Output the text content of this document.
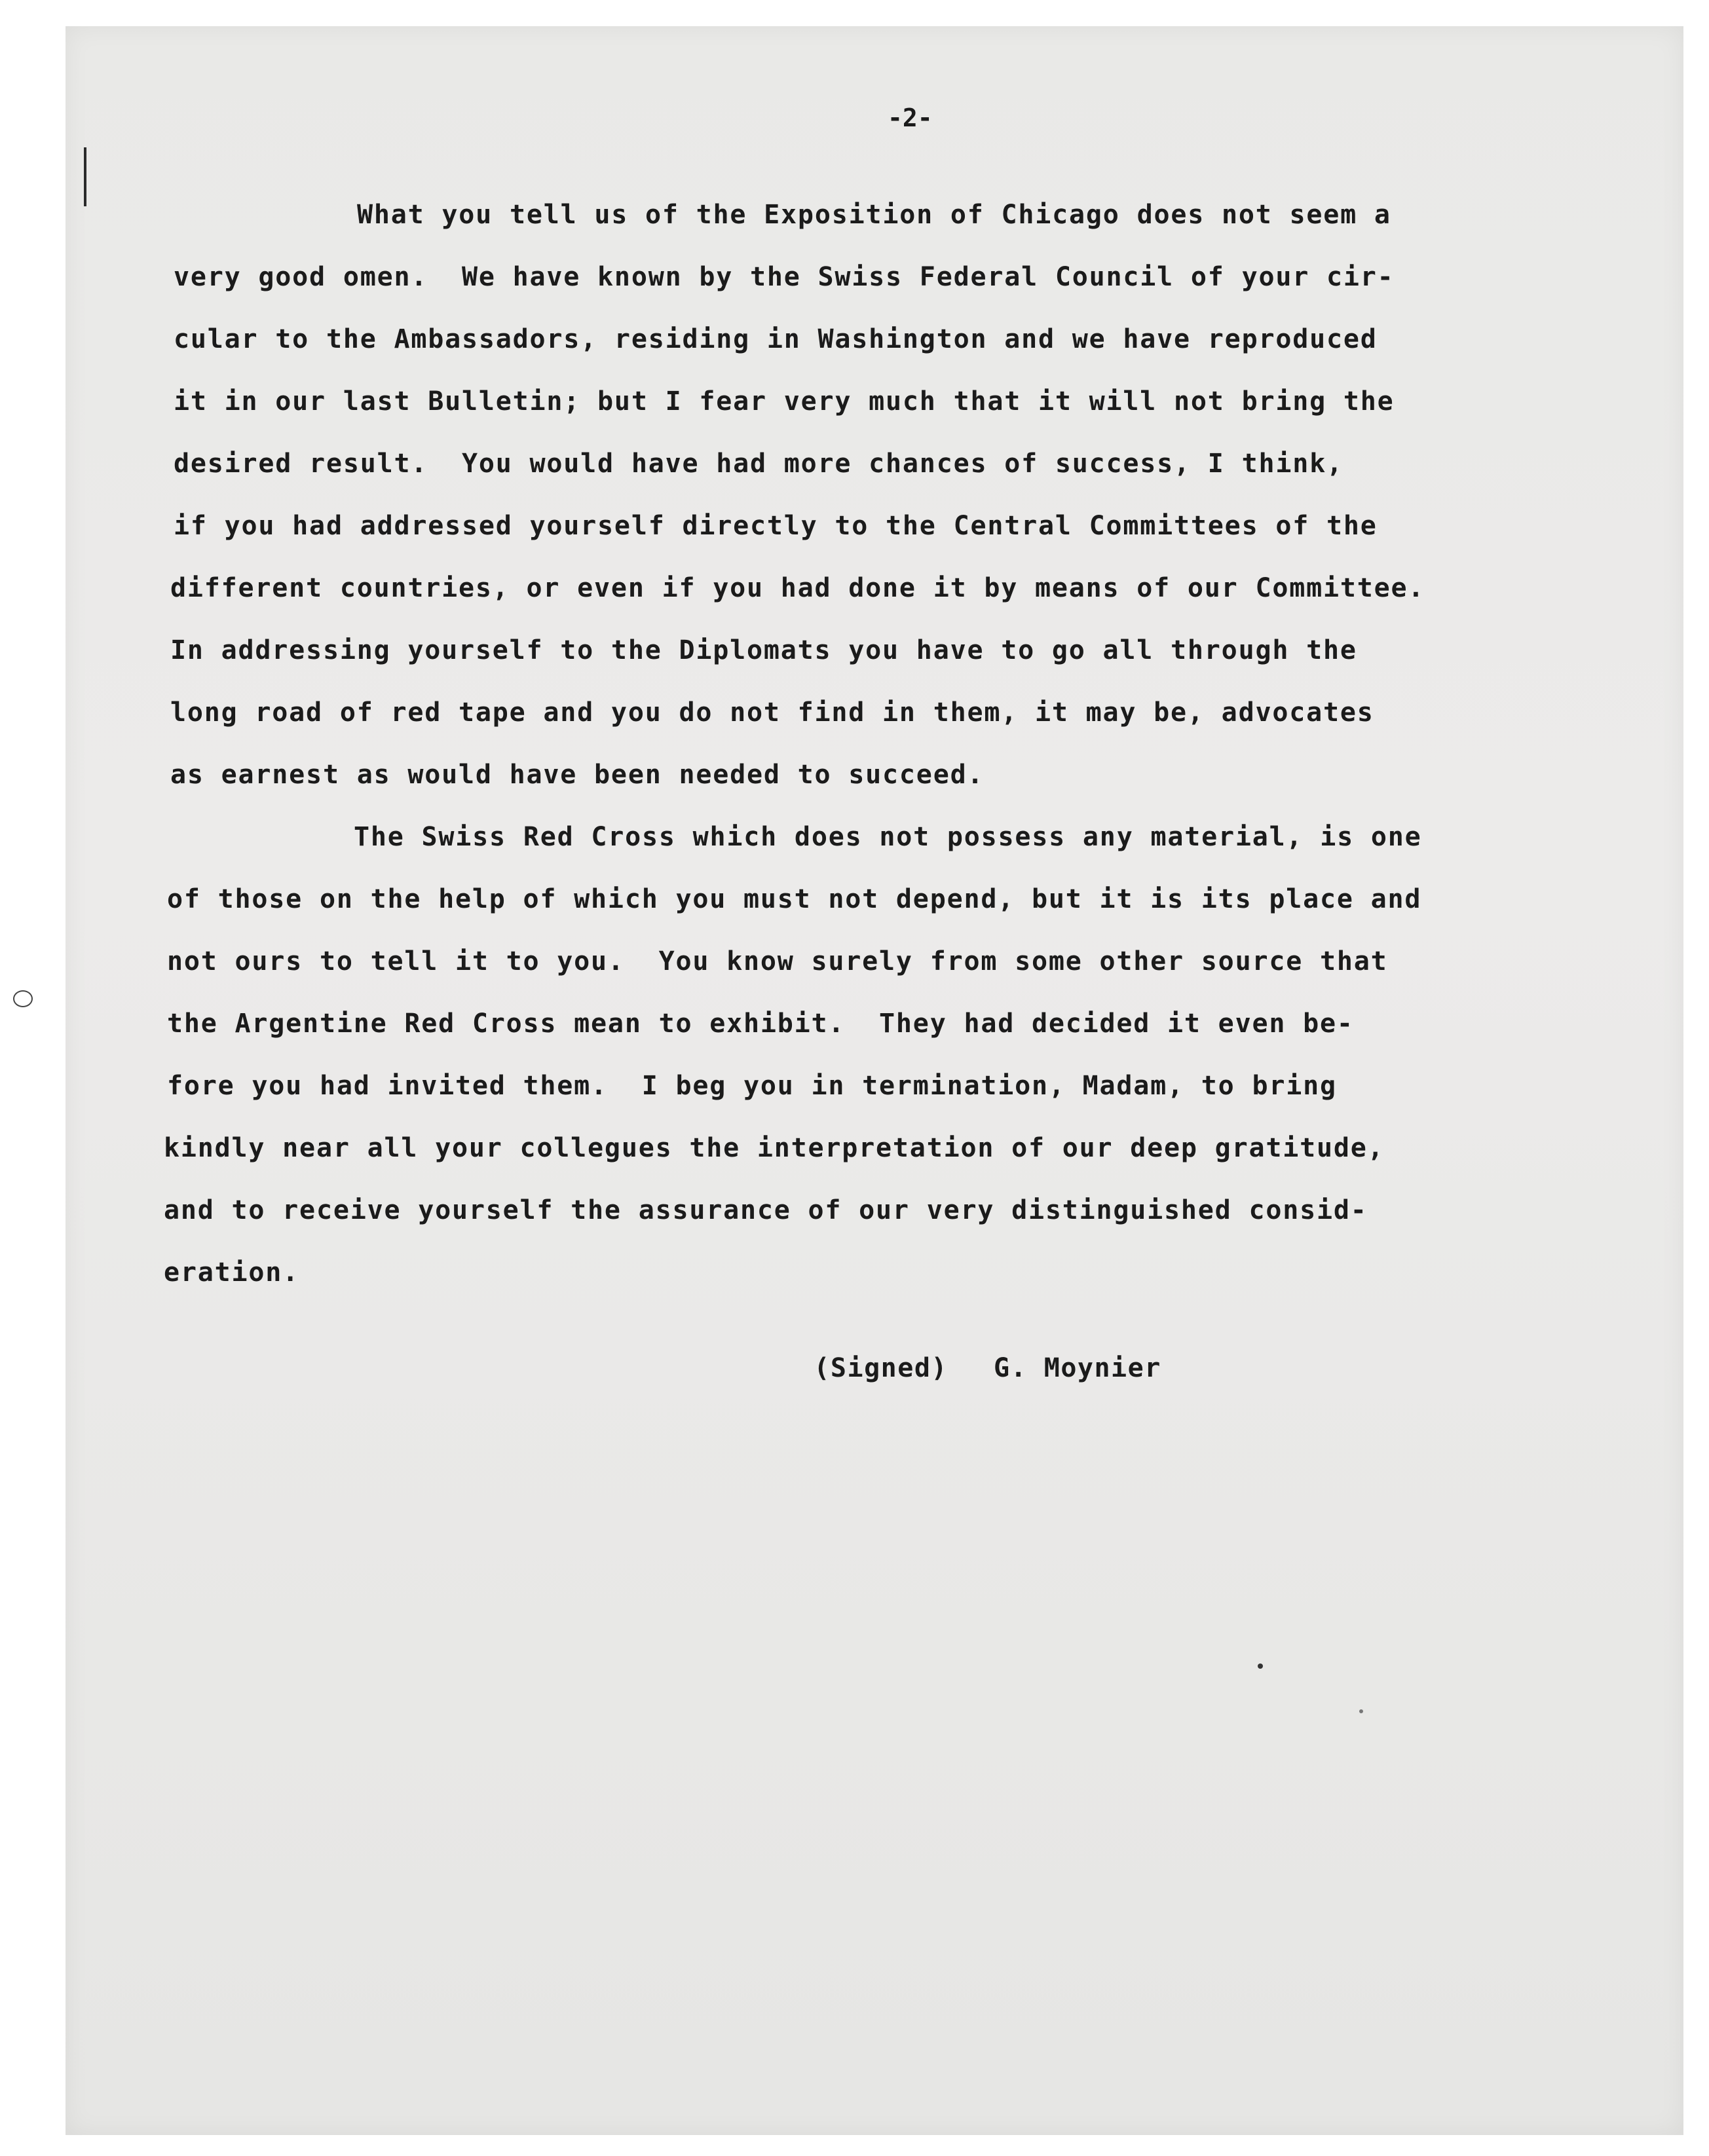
-2-
What you tell us of the Exposition of Chicago does not seem a
very good omen.  We have known by the Swiss Federal Council of your cir-
cular to the Ambassadors, residing in Washington and we have reproduced
it in our last Bulletin; but I fear very much that it will not bring the
desired result.  You would have had more chances of success, I think,
if you had addressed yourself directly to the Central Committees of the
different countries, or even if you had done it by means of our Committee.
In addressing yourself to the Diplomats you have to go all through the
long road of red tape and you do not find in them, it may be, advocates
as earnest as would have been needed to succeed.
The Swiss Red Cross which does not possess any material, is one
of those on the help of which you must not depend, but it is its place and
not ours to tell it to you.  You know surely from some other source that
the Argentine Red Cross mean to exhibit.  They had decided it even be-
fore you had invited them.  I beg you in termination, Madam, to bring
kindly near all your collegues the interpretation of our deep gratitude,
and to receive yourself the assurance of our very distinguished consid-
eration.

(Signed) G. Moynier
